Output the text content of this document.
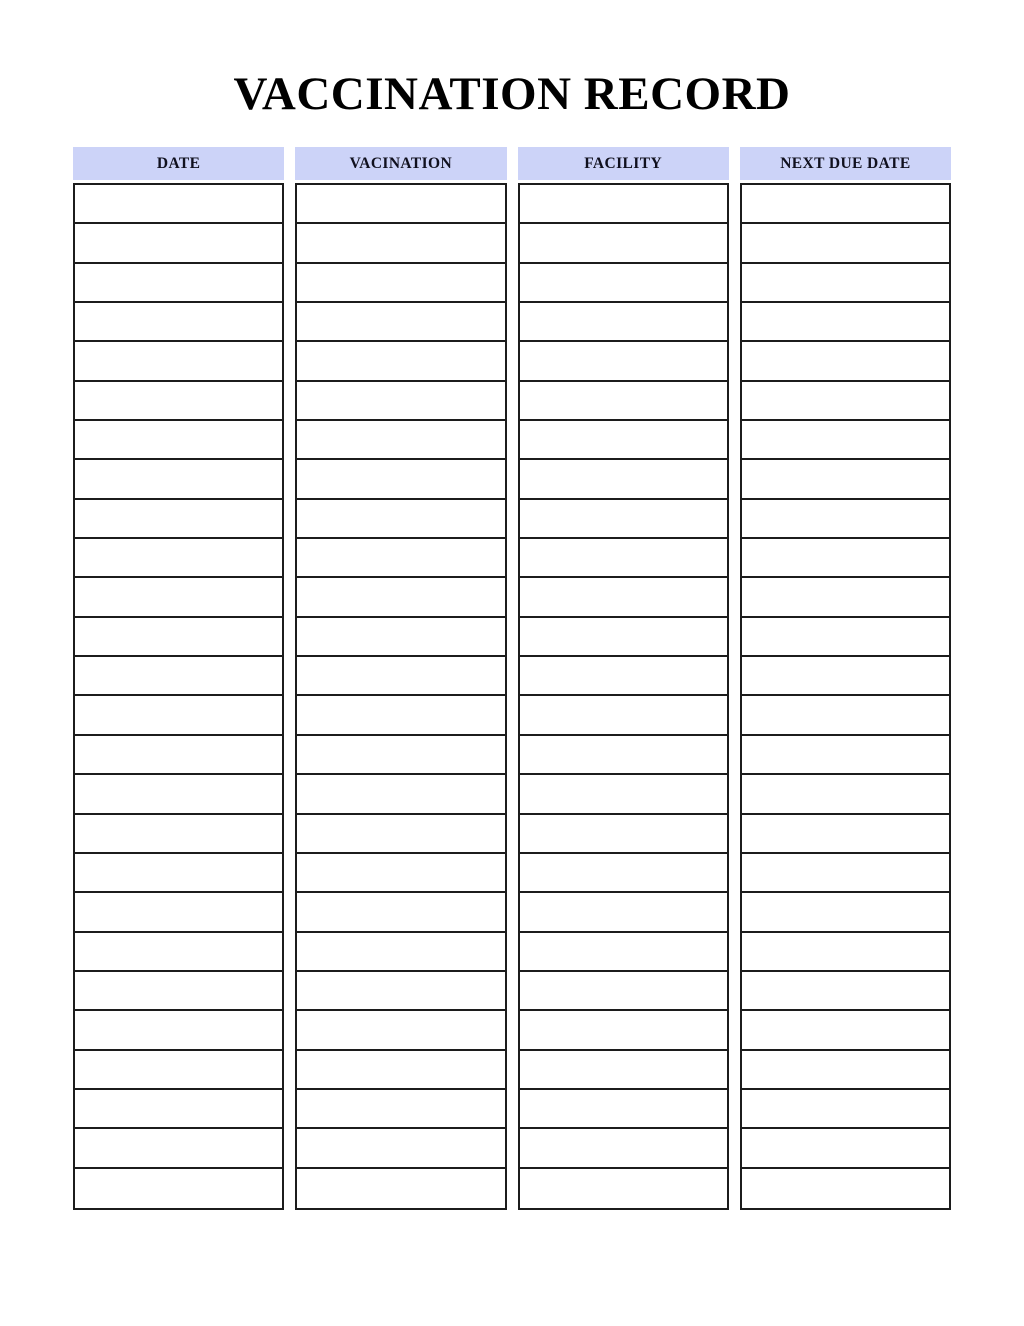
VACCINATION RECORD
DATE	VACINATION	FACILITY	NEXT DUE DATE
